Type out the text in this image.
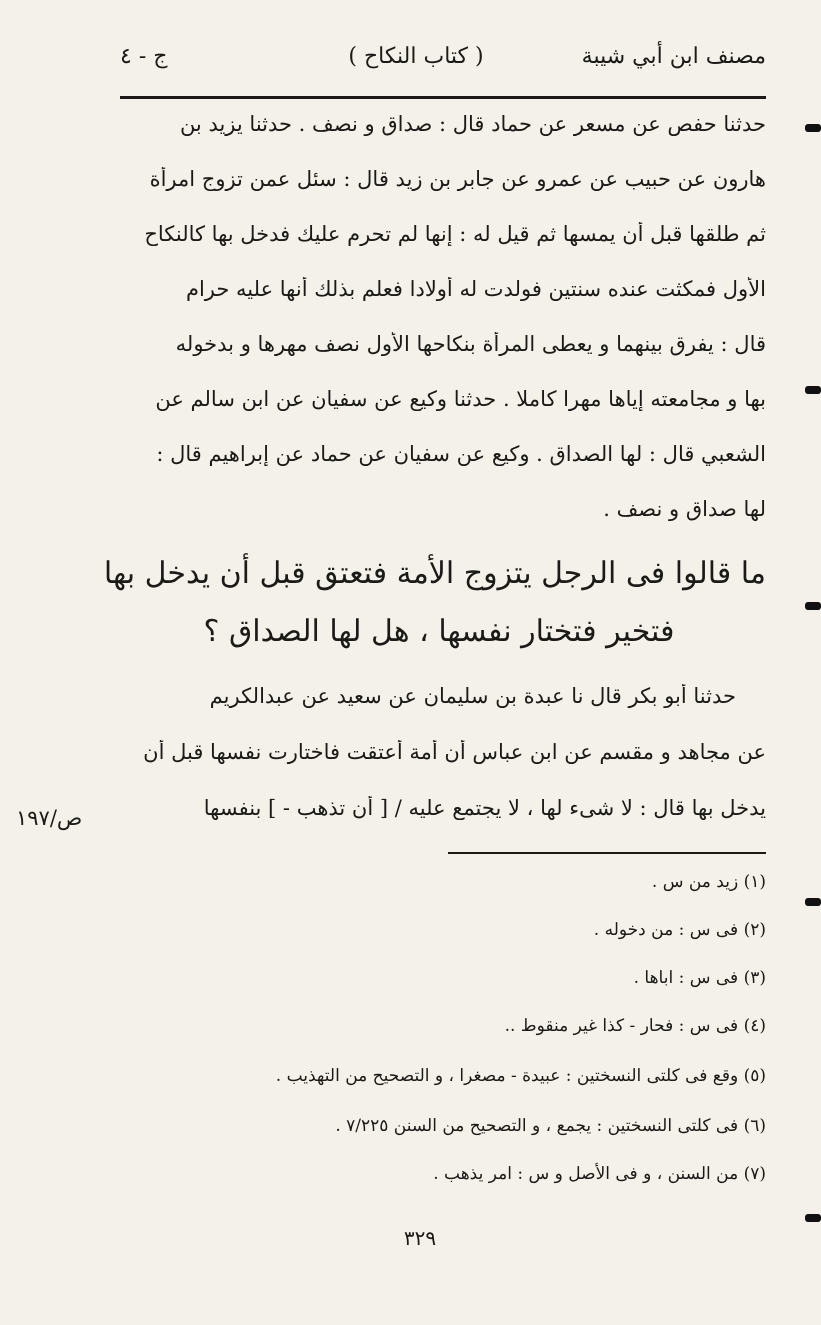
مصنف ابن أبي شيبة
( كتاب النكاح )
ج - ٤
حدثنا حفص عن مسعر عن حماد قال : صداق و نصف . حدثنا يزيد بن
هارون عن حبيب عن عمرو عن جابر بن زيد قال : سئل عمن تزوج امرأة
ثم طلقها قبل أن يمسها ثم قيل له : إنها لم تحرم عليك فدخل بها كالنكاح
الأول فمكثت عنده سنتين فولدت له أولادا فعلم بذلك أنها عليه حرام
قال : يفرق بينهما و يعطى المرأة بنكاحها الأول نصف مهرها و بدخوله
بها و مجامعته إياها مهرا كاملا . حدثنا وكيع عن سفيان عن ابن سالم عن
الشعبي قال : لها الصداق . وكيع عن سفيان عن حماد عن إبراهيم قال :
لها صداق و نصف .
ما قالوا فى الرجل يتزوج الأمة فتعتق قبل أن يدخل بها
فتخير فتختار نفسها ، هل لها الصداق ؟
حدثنا أبو بكر قال نا عبدة بن سليمان عن سعيد عن عبدالكريم
عن مجاهد و مقسم عن ابن عباس أن أمة أعتقت فاختارت نفسها قبل أن
يدخل بها قال : لا شىء لها ، لا يجتمع عليه / [ أن تذهب - ] بنفسها
ص/١٩٧
(١) زيد من س .
(٢) فى س : من دخوله .
(٣) فى س : اباها .
(٤) فى س : فحار - كذا غير منقوط ..
(٥) وقع فى كلتى النسختين : عبيدة - مصغرا ، و التصحيح من التهذيب .
(٦) فى كلتى النسختين : يجمع ، و التصحيح من السنن ٧/٢٢٥ .
(٧) من السنن ، و فى الأصل و س : امر يذهب .
٣٢٩
